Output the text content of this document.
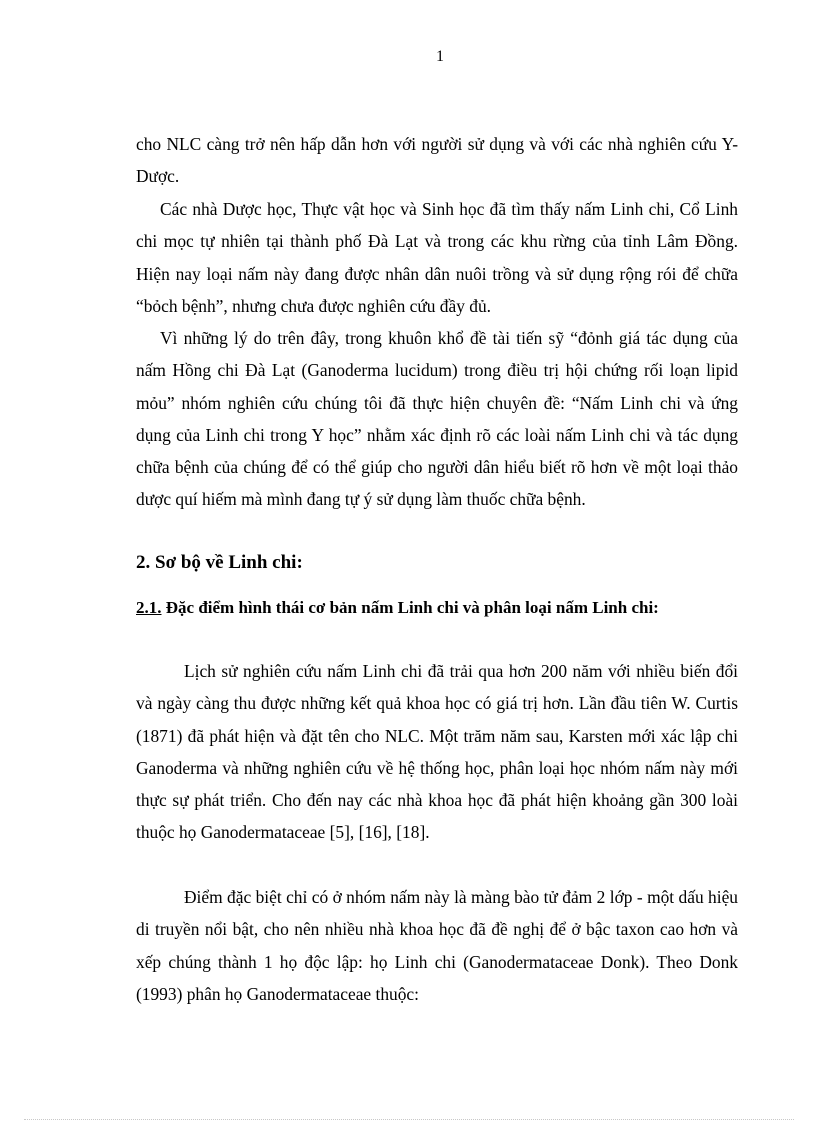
1

cho NLC càng trở nên hấp dẫn hơn với người sử dụng và với các nhà nghiên cứu Y- Dược.

Các nhà Dược học, Thực vật học và Sinh học đã tìm thấy nấm Linh chi, Cổ Linh chi mọc tự nhiên tại thành phố Đà Lạt và trong các khu rừng của tỉnh Lâm Đồng. Hiện nay loại nấm này đang được nhân dân nuôi trồng và sử dụng rộng rói để chữa “bỏch bệnh”, nhưng chưa được nghiên cứu đầy đủ.

Vì những lý do trên đây, trong khuôn khổ đề tài tiến sỹ “đỏnh giá tác dụng của nấm Hồng chi Đà Lạt (Ganoderma lucidum) trong điều trị hội chứng rối loạn lipid mỏu” nhóm nghiên cứu chúng tôi đã thực hiện chuyên đề: “Nấm Linh chi và ứng dụng của Linh chi trong Y học” nhằm xác định rõ các loài nấm Linh chi và tác dụng chữa bệnh của chúng để có thể giúp cho người dân hiểu biết rõ hơn về một loại thảo dược quí hiếm mà mình đang tự ý sử dụng làm thuốc chữa bệnh.

2. Sơ bộ về Linh chi:
2.1. Đặc điểm hình thái cơ bản nấm Linh chi và phân loại nấm Linh chi:

Lịch sử nghiên cứu nấm Linh chi đã trải qua hơn 200 năm với nhiều biến đổi và ngày càng thu được những kết quả khoa học có giá trị hơn. Lần đầu tiên W. Curtis (1871) đã phát hiện và đặt tên cho NLC. Một trăm năm sau, Karsten mới xác lập chi Ganoderma và những nghiên cứu về hệ thống học, phân loại học nhóm nấm này mới thực sự phát triển. Cho đến nay các nhà khoa học đã phát hiện khoảng gần 300 loài thuộc họ Ganodermataceae [5], [16], [18].

Điểm đặc biệt chỉ có ở nhóm nấm này là màng bào tử đảm 2 lớp - một dấu hiệu di truyền nổi bật, cho nên nhiều nhà khoa học đã đề nghị để ở bậc taxon cao hơn và xếp chúng thành 1 họ độc lập: họ Linh chi (Ganodermataceae Donk). Theo Donk (1993) phân họ Ganodermataceae thuộc:
